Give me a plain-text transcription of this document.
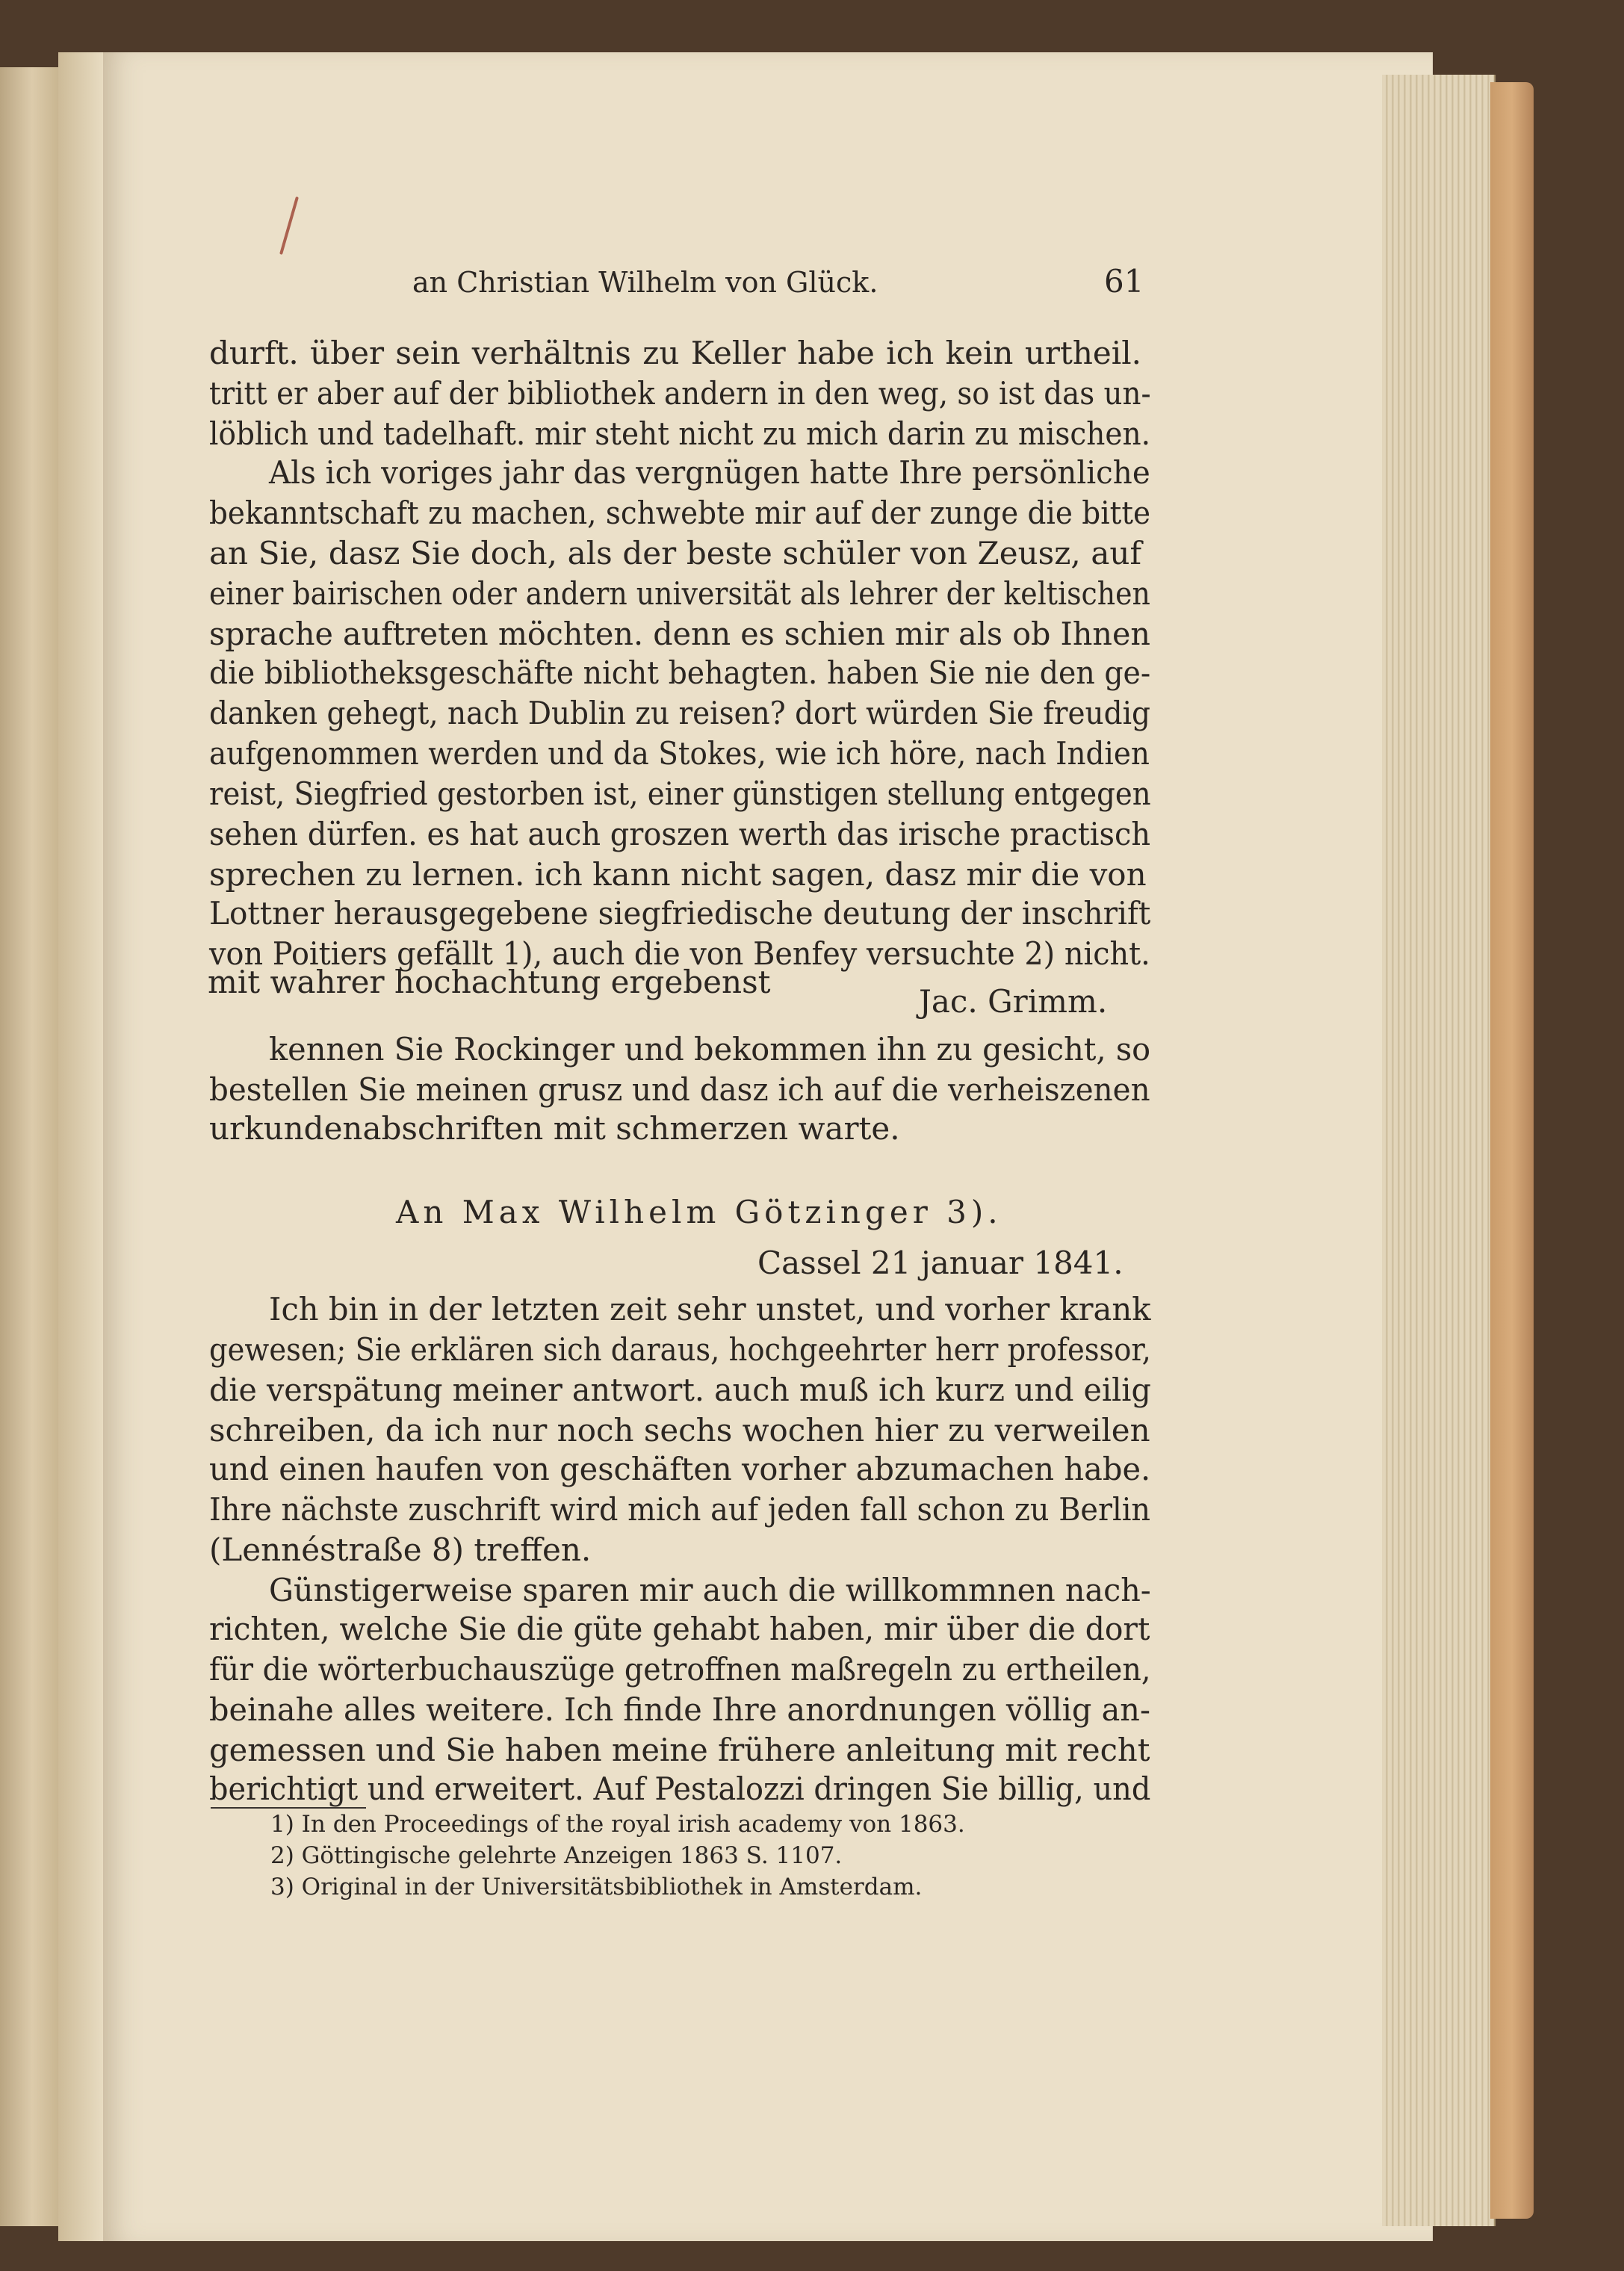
an Christian Wilhelm von Glück.	61
durft. über sein verhältnis zu Keller habe ich kein urtheil.
tritt er aber auf der bibliothek andern in den weg, so ist das un-
löblich und tadelhaft. mir steht nicht zu mich darin zu mischen.
Als ich voriges jahr das vergnügen hatte Ihre persönliche
bekanntschaft zu machen, schwebte mir auf der zunge die bitte
an Sie, dasz Sie doch, als der beste schüler von Zeusz, auf
einer bairischen oder andern universität als lehrer der keltischen
sprache auftreten möchten. denn es schien mir als ob Ihnen
die bibliotheksgeschäfte nicht behagten. haben Sie nie den ge-
danken gehegt, nach Dublin zu reisen? dort würden Sie freudig
aufgenommen werden und da Stokes, wie ich höre, nach Indien
reist, Siegfried gestorben ist, einer günstigen stellung entgegen
sehen dürfen. es hat auch groszen werth das irische practisch
sprechen zu lernen. ich kann nicht sagen, dasz mir die von
Lottner herausgegebene siegfriedische deutung der inschrift
von Poitiers gefällt 1), auch die von Benfey versuchte 2) nicht.
mit wahrer hochachtung ergebenst
Jac. Grimm.
kennen Sie Rockinger und bekommen ihn zu gesicht, so
bestellen Sie meinen grusz und dasz ich auf die verheiszenen
urkundenabschriften mit schmerzen warte.
An Max Wilhelm Götzinger 3).
Cassel 21 januar 1841.
Ich bin in der letzten zeit sehr unstet, und vorher krank
gewesen; Sie erklären sich daraus, hochgeehrter herr professor,
die verspätung meiner antwort. auch muß ich kurz und eilig
schreiben, da ich nur noch sechs wochen hier zu verweilen
und einen haufen von geschäften vorher abzumachen habe.
Ihre nächste zuschrift wird mich auf jeden fall schon zu Berlin
(Lennéstraße 8) treffen.
Günstigerweise sparen mir auch die willkommnen nach-
richten, welche Sie die güte gehabt haben, mir über die dort
für die wörterbuchauszüge getroffnen maßregeln zu ertheilen,
beinahe alles weitere. Ich finde Ihre anordnungen völlig an-
gemessen und Sie haben meine frühere anleitung mit recht
berichtigt und erweitert. Auf Pestalozzi dringen Sie billig, und
1) In den Proceedings of the royal irish academy von 1863.
2) Göttingische gelehrte Anzeigen 1863 S. 1107.
3) Original in der Universitätsbibliothek in Amsterdam.
